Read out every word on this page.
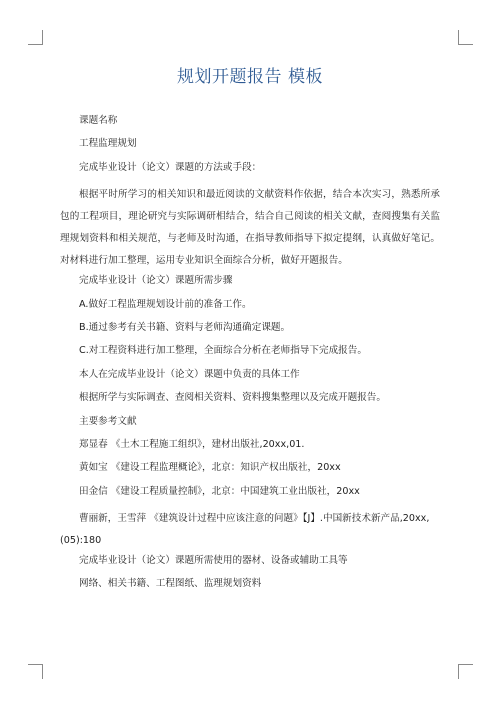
规划开题报告 模板

课题名称

工程监理规划

完成毕业设计（论文）课题的方法或手段：

根据平时所学习的相关知识和最近阅读的文献资料作依据，结合本次实习，熟悉所承包的工程项目，理论研究与实际调研相结合，结合自己阅读的相关文献，查阅搜集有关监理规划资料和相关规范，与老师及时沟通，在指导教师指导下拟定提纲，认真做好笔记。对材料进行加工整理，运用专业知识全面综合分析，做好开题报告。

完成毕业设计（论文）课题所需步骤

A.做好工程监理规划设计前的准备工作。

B.通过参考有关书籍、资料与老师沟通确定课题。

C.对工程资料进行加工整理，全面综合分析在老师指导下完成报告。

本人在完成毕业设计（论文）课题中负责的具体工作

根据所学与实际调查、查阅相关资料、资料搜集整理以及完成开题报告。

主要参考文献

郑显春 《土木工程施工组织》，建材出版社,20xx,01.

黄如宝 《建设工程监理概论》，北京：知识产权出版社，20xx

田金信 《建设工程质量控制》，北京：中国建筑工业出版社，20xx

曹丽新，王雪萍 《建筑设计过程中应该注意的问题》【J】.中国新技术新产品,20xx,(05):180

完成毕业设计（论文）课题所需使用的器材、设备或辅助工具等

网络、相关书籍、工程图纸、监理规划资料
